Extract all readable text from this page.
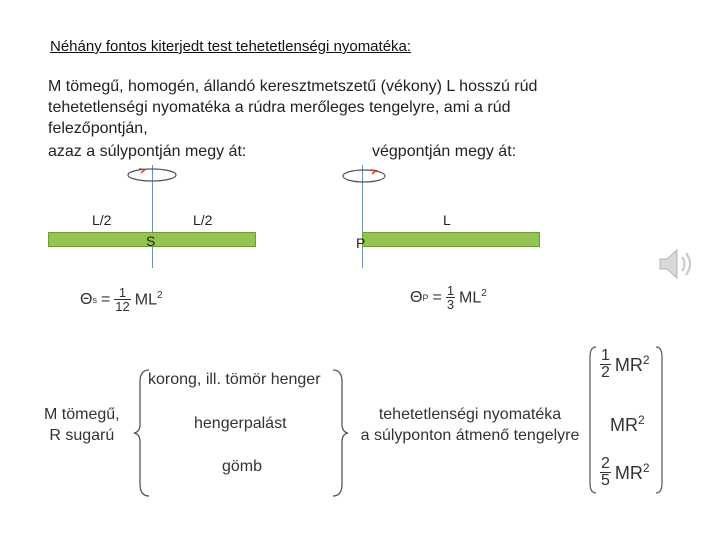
Néhány fontos kiterjedt test tehetetlenségi nyomatéka:
M tömegű, homogén, állandó keresztmetszetű (vékony) L hosszú rúd
tehetetlenségi nyomatéka a rúdra merőleges tengelyre, ami a rúd
felezőpontján,
azaz a súlypontján megy át:	végpontján megy át:
L/2	L/2
S
Θ $s = \frac{1}{12} ML^2$
L
P
Θ $P = \frac{1}{3} ML^2$
M tömegű,
R sugarú
korong, ill. tömör henger
hengerpalást
gömb
tehetetlenségi nyomatéka
a súlyponton átmenő tengelyre
$\frac{1}{2} MR^2$
$MR^2$
$\frac{2}{5} MR^2$
